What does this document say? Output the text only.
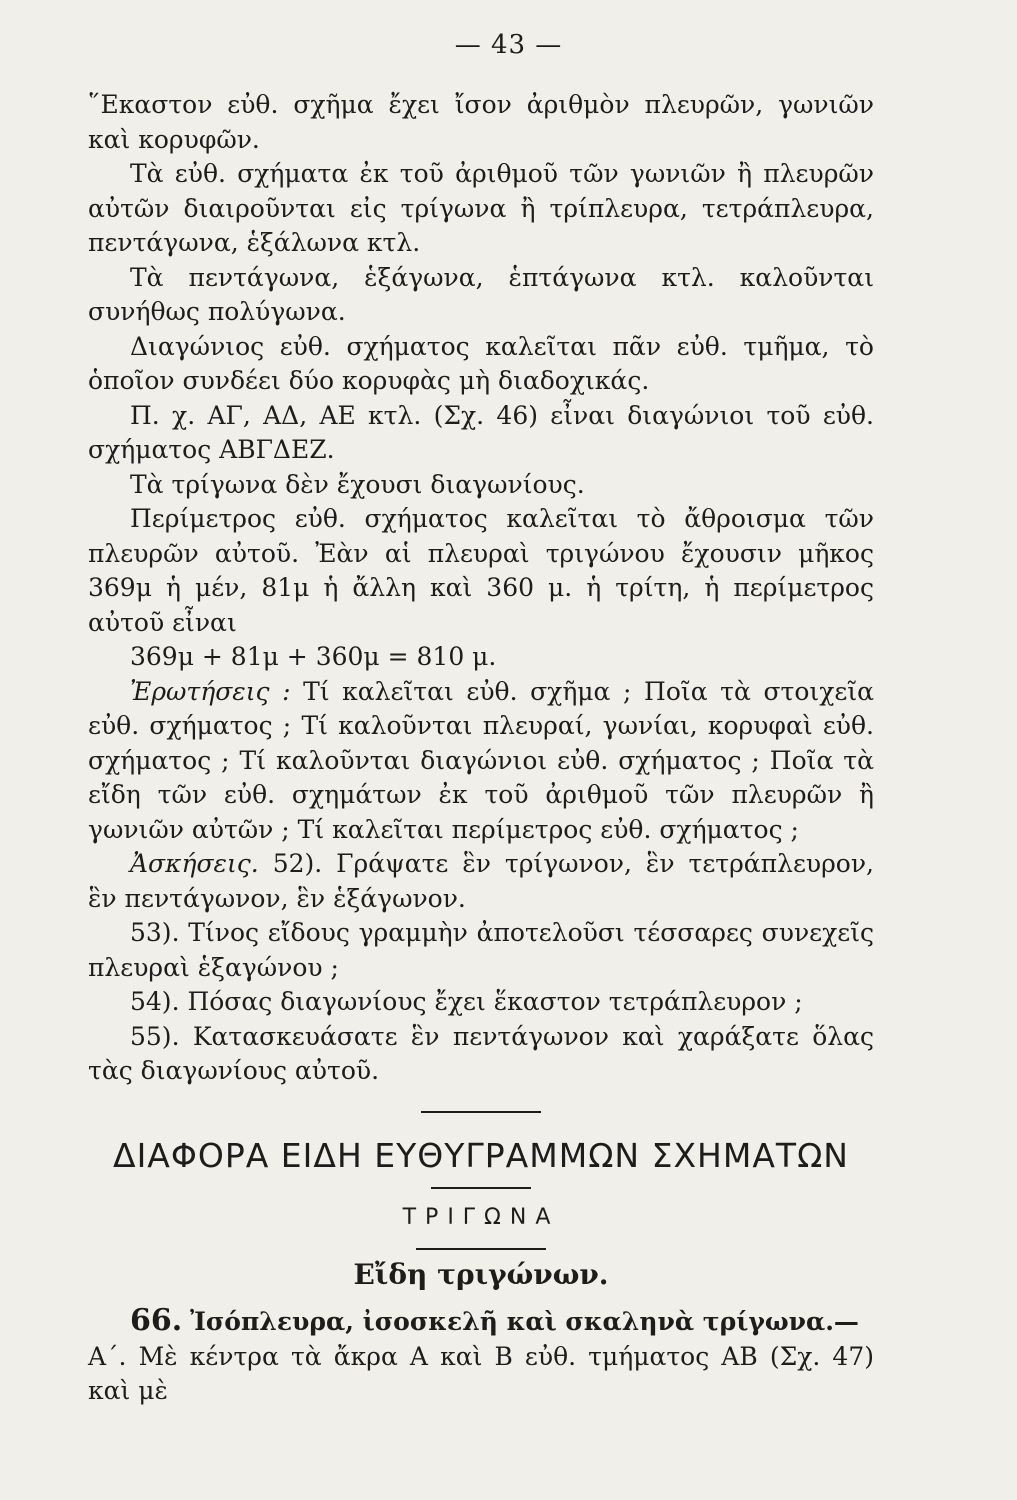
— 43 —
῞Εκαστον εὐθ. σχῆμα ἔχει ἴσον ἀριθμὸν πλευρῶν, γωνιῶν καὶ κορυφῶν.
Τὰ εὐθ. σχήματα ἐκ τοῦ ἀριθμοῦ τῶν γωνιῶν ἢ πλευρῶν αὐτῶν διαιροῦνται εἰς τρίγωνα ἢ τρίπλευρα, τετράπλευρα, πεντάγωνα, ἑξάλωνα κτλ.
Τὰ πεντάγωνα, ἑξάγωνα, ἑπτάγωνα κτλ. καλοῦνται συνήθως πολύγωνα.
Διαγώνιος εὐθ. σχήματος καλεῖται πᾶν εὐθ. τμῆμα, τὸ ὁποῖον συνδέει δύο κορυφὰς μὴ διαδοχικάς.
Π. χ. ΑΓ, ΑΔ, ΑΕ κτλ. (Σχ. 46) εἶναι διαγώνιοι τοῦ εὐθ. σχήματος ΑΒΓΔΕΖ.
Τὰ τρίγωνα δὲν ἔχουσι διαγωνίους.
Περίμετρος εὐθ. σχήματος καλεῖται τὸ ἄθροισμα τῶν πλευρῶν αὐτοῦ. Ἐὰν αἱ πλευραὶ τριγώνου ἔχουσιν μῆκος 369μ ἡ μέν, 81μ ἡ ἄλλη καὶ 360 μ. ἡ τρίτη, ἡ περίμετρος αὐτοῦ εἶναι
369μ + 81μ + 360μ = 810 μ.
Ἐρωτήσεις : Τί καλεῖται εὐθ. σχῆμα ; Ποῖα τὰ στοιχεῖα εὐθ. σχήματος ; Τί καλοῦνται πλευραί, γωνίαι, κορυφαὶ εὐθ. σχήματος ; Τί καλοῦνται διαγώνιοι εὐθ. σχήματος ; Ποῖα τὰ εἴδη τῶν εὐθ. σχημάτων ἐκ τοῦ ἀριθμοῦ τῶν πλευρῶν ἢ γωνιῶν αὐτῶν ; Τί καλεῖται περίμετρος εὐθ. σχήματος ;
Ἀσκήσεις. 52). Γράψατε ἓν τρίγωνον, ἓν τετράπλευρον, ἓν πεντάγωνον, ἓν ἑξάγωνον.
53). Τίνος εἴδους γραμμὴν ἀποτελοῦσι τέσσαρες συνεχεῖς πλευραὶ ἑξαγώνου ;
54). Πόσας διαγωνίους ἔχει ἕκαστον τετράπλευρον ;
55). Κατασκευάσατε ἓν πεντάγωνον καὶ χαράξατε ὅλας τὰς διαγωνίους αὐτοῦ.
ΔΙΑΦΟΡΑ ΕΙΔΗ ΕΥΘΥΓΡΑΜΜΩΝ ΣΧΗΜΑΤΩΝ
ΤΡΙΓΩΝΑ
Εἴδη τριγώνων.
66. Ἰσόπλευρα, ἰσοσκελῆ καὶ σκαληνὰ τρίγωνα.—
Α΄. Μὲ κέντρα τὰ ἄκρα Α καὶ Β εὐθ. τμήματος ΑΒ (Σχ. 47) καὶ μὲ
